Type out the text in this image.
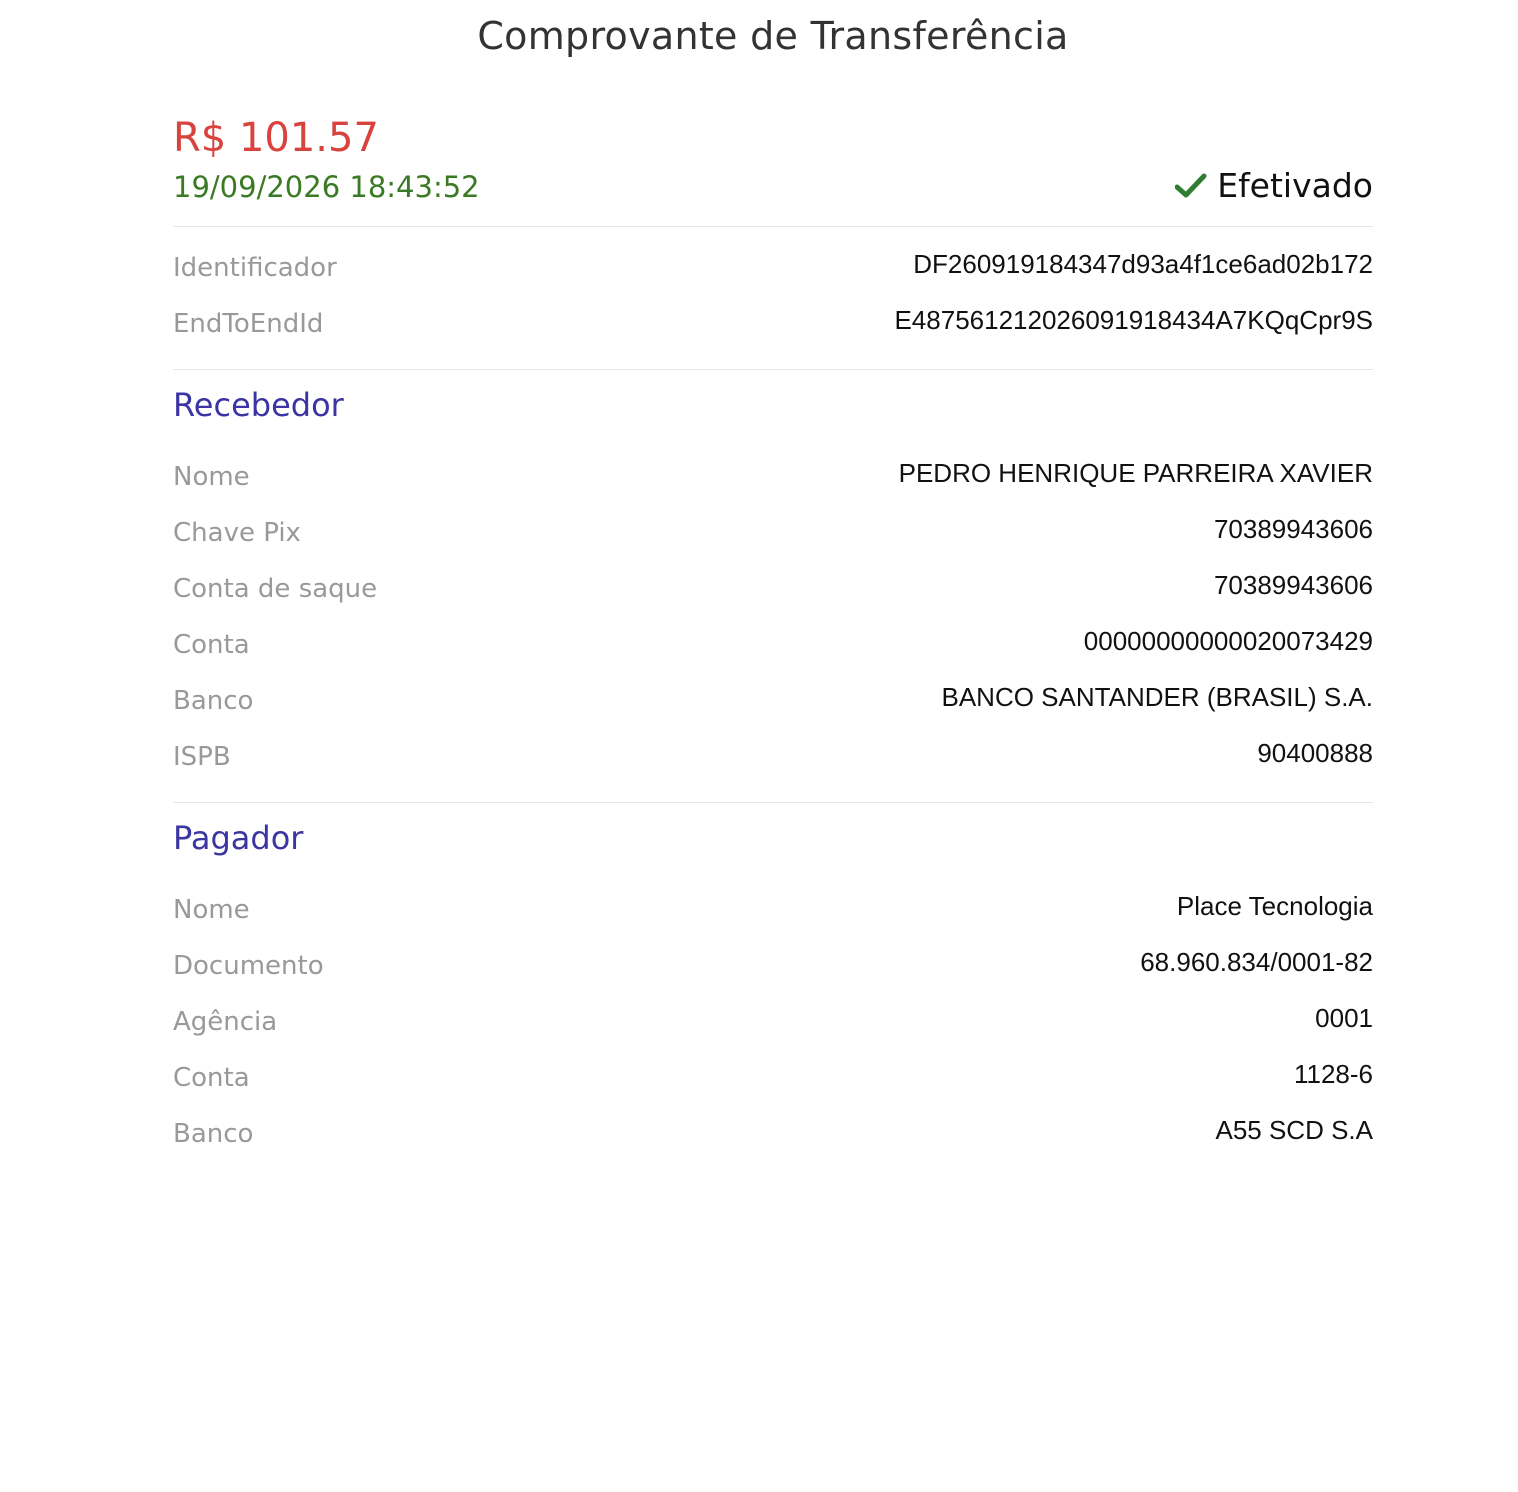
Comprovante de Transferência
R$ 101.57
19/09/2026 18:43:52	Efetivado
Identificador	DF260919184347d93a4f1ce6ad02b172
EndToEndId	E487561212026091918434A7KQqCpr9S
Recebedor
Nome	PEDRO HENRIQUE PARREIRA XAVIER
Chave Pix	70389943606
Conta de saque	70389943606
Conta	00000000000020073429
Banco	BANCO SANTANDER (BRASIL) S.A.
ISPB	90400888
Pagador
Nome	Place Tecnologia
Documento	68.960.834/0001-82
Agência	0001
Conta	1128-6
Banco	A55 SCD S.A
